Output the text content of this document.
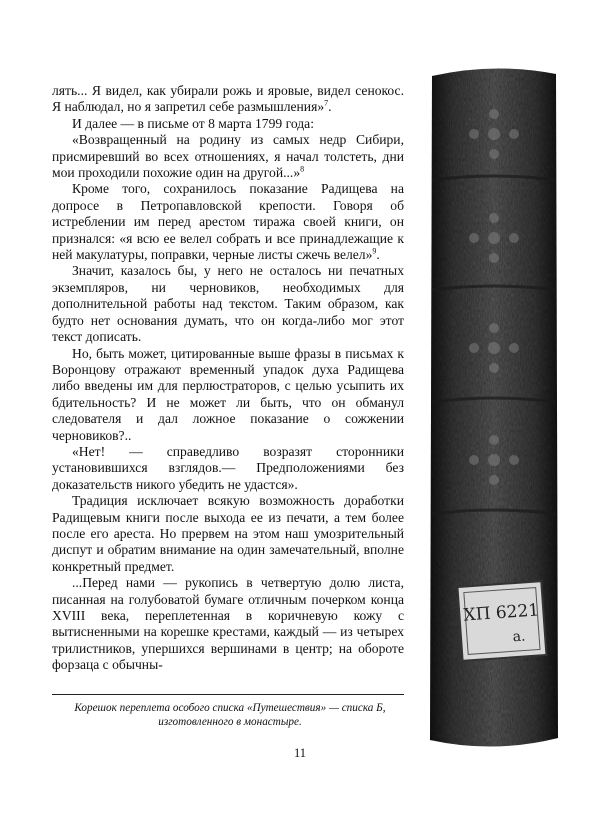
лять... Я видел, как убирали рожь и яровые, видел сенокос. Я наблюдал, но я запретил себе размышления»$^7$.

И далее — в письме от 8 марта 1799 года:

«Возвращенный на родину из самых недр Сибири, присмиревший во всех отношениях, я начал толстеть, дни мои проходили похожие один на другой...»$^8$

Кроме того, сохранилось показание Радищева на допросе в Петропавловской крепости. Говоря об истреблении им перед арестом тиража своей книги, он признался: «я всю ее велел собрать и все принадлежащие к ней макулатуры, поправки, черные листы сжечь велел»$^9$.

Значит, казалось бы, у него не осталось ни печатных экземпляров, ни черновиков, необходимых для дополнительной работы над текстом. Таким образом, как будто нет основания думать, что он когда-либо мог этот текст дописать.

Но, быть может, цитированные выше фразы в письмах к Воронцову отражают временный упадок духа Радищева либо введены им для перлюстраторов, с целью усыпить их бдительность? И не может ли быть, что он обманул следователя и дал ложное показание о сожжении черновиков?..

«Нет! — справедливо возразят сторонники установившихся взглядов.— Предположениями без доказательств никого убедить не удастся».

Традиция исключает всякую возможность доработки Радищевым книги после выхода ее из печати, а тем более после его ареста. Но прервем на этом наш умозрительный диспут и обратим внимание на один замечательный, вполне конкретный предмет.

...Перед нами — рукопись в четвертую долю листа, писанная на голубоватой бумаге отличным почерком конца XVIII века, переплетенная в коричневую кожу с вытисненными на корешке крестами, каждый — из четырех трилистников, упершихся вершинами в центр; на обороте форзаца с обычны-

Корешок переплета особого списка «Путешествия» — списка Б, изготовленного в монастыре.
11
ХП 6221
a.
